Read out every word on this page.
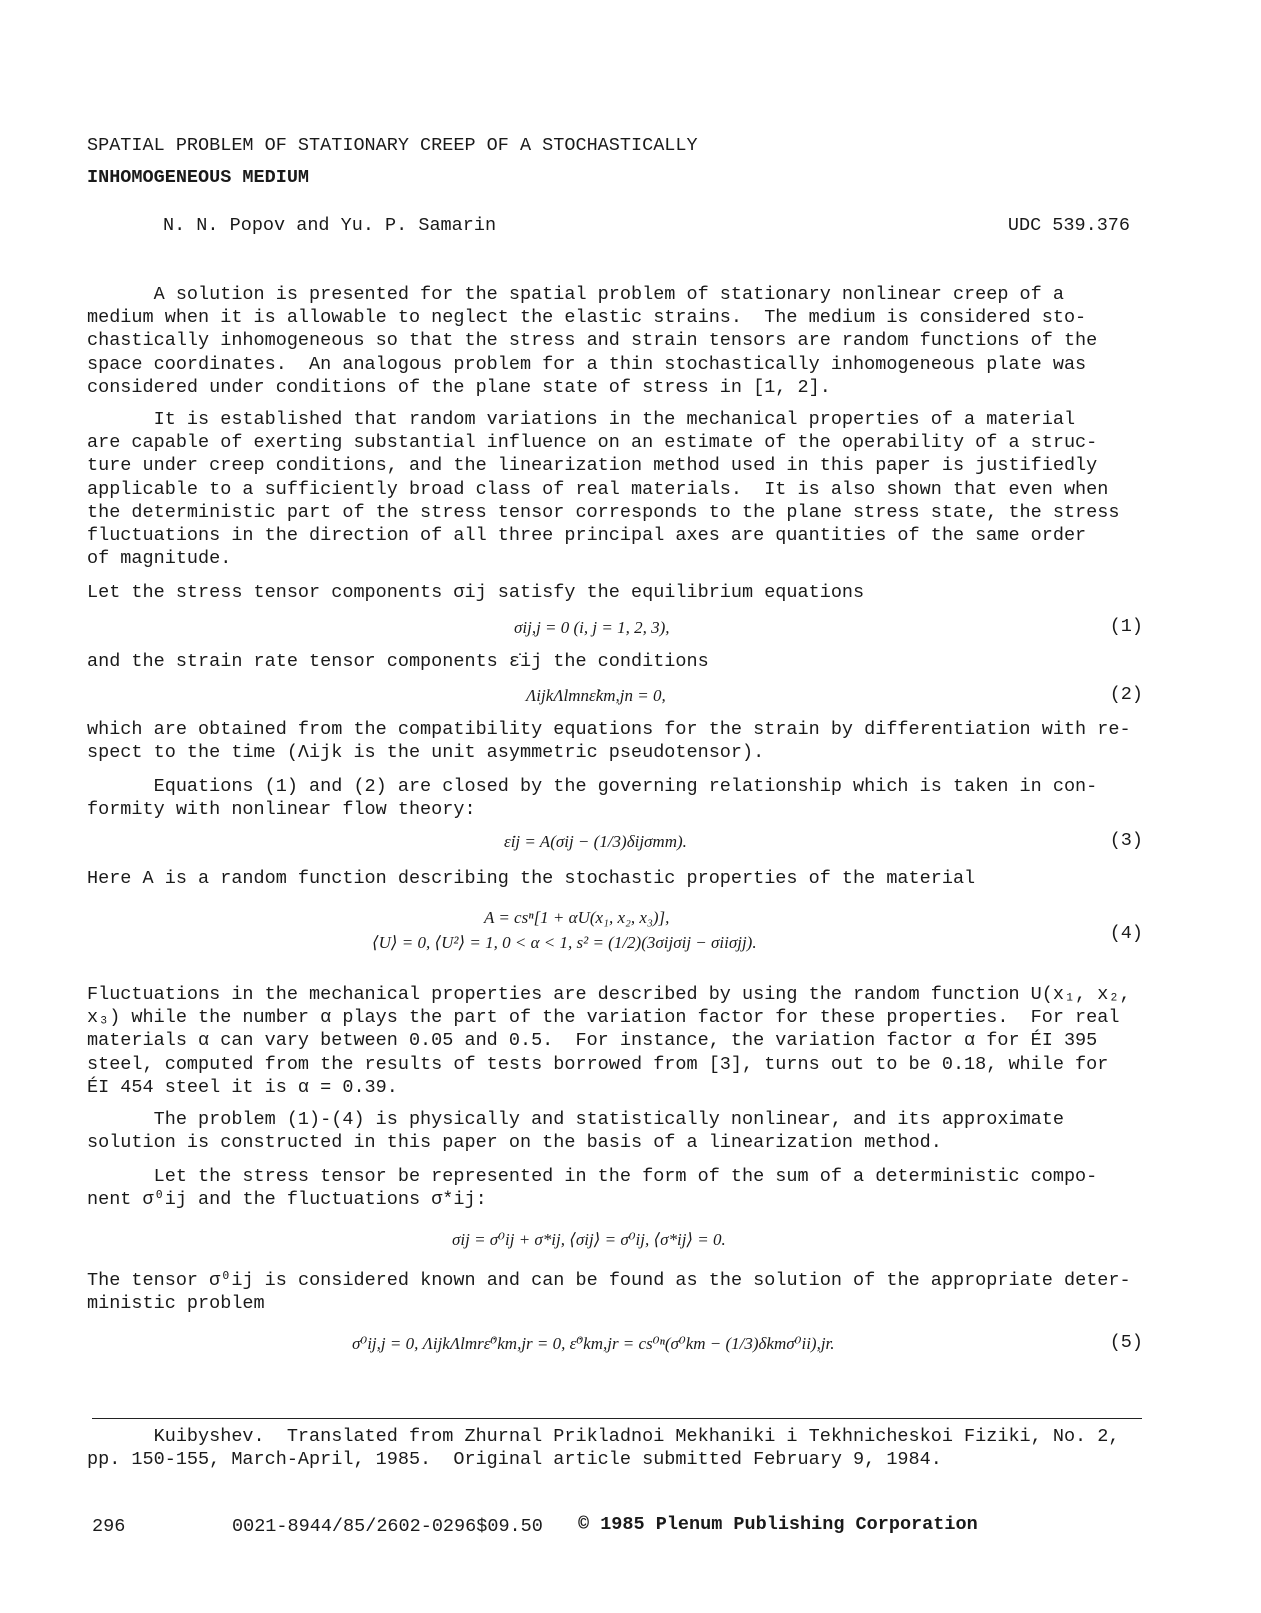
SPATIAL PROBLEM OF STATIONARY CREEP OF A STOCHASTICALLY
INHOMOGENEOUS MEDIUM
N. N. Popov and Yu. P. Samarin	UDC 539.376
A solution is presented for the spatial problem of stationary nonlinear creep of a
medium when it is allowable to neglect the elastic strains.  The medium is considered sto-
chastically inhomogeneous so that the stress and strain tensors are random functions of the
space coordinates.  An analogous problem for a thin stochastically inhomogeneous plate was
considered under conditions of the plane state of stress in [1, 2].
It is established that random variations in the mechanical properties of a material
are capable of exerting substantial influence on an estimate of the operability of a struc-
ture under creep conditions, and the linearization method used in this paper is justifiedly
applicable to a sufficiently broad class of real materials.  It is also shown that even when
the deterministic part of the stress tensor corresponds to the plane stress state, the stress
fluctuations in the direction of all three principal axes are quantities of the same order
of magnitude.
Let the stress tensor components σij satisfy the equilibrium equations
σij,j = 0 (i, j = 1, 2, 3),	(1)
and the strain rate tensor components ε̇ij the conditions
ΛijkΛlmnε̇km,jn = 0,	(2)
which are obtained from the compatibility equations for the strain by differentiation with re-
spect to the time (Λijk is the unit asymmetric pseudotensor).
Equations (1) and (2) are closed by the governing relationship which is taken in con-
formity with nonlinear flow theory:
ε̇ij = A(σij − (1/3)δijσmm).	(3)
Here A is a random function describing the stochastic properties of the material
A = csⁿ[1 + αU(x₁, x₂, x₃)],
⟨U⟩ = 0, ⟨U²⟩ = 1, 0 < α < 1, s² = (1/2)(3σijσij − σiiσjj).	(4)
Fluctuations in the mechanical properties are described by using the random function U(x₁, x₂,
x₃) while the number α plays the part of the variation factor for these properties.  For real
materials α can vary between 0.05 and 0.5.  For instance, the variation factor α for ÉI 395
steel, computed from the results of tests borrowed from [3], turns out to be 0.18, while for
ÉI 454 steel it is α = 0.39.
The problem (1)-(4) is physically and statistically nonlinear, and its approximate
solution is constructed in this paper on the basis of a linearization method.
Let the stress tensor be represented in the form of the sum of a deterministic compo-
nent σ⁰ij and the fluctuations σ*ij:
σij = σ⁰ij + σ*ij, ⟨σij⟩ = σ⁰ij, ⟨σ*ij⟩ = 0.
The tensor σ⁰ij is considered known and can be found as the solution of the appropriate deter-
ministic problem
σ⁰ij,j = 0, ΛijkΛlmrε̇⁰km,jr = 0, ε̇⁰km,jr = cs⁰ⁿ(σ⁰km − (1/3)δkmσ⁰ii),jr.	(5)
Kuibyshev.  Translated from Zhurnal Prikladnoi Mekhaniki i Tekhnicheskoi Fiziki, No. 2,
pp. 150-155, March-April, 1985.  Original article submitted February 9, 1984.
296	0021-8944/85/2602-0296$09.50 © 1985 Plenum Publishing Corporation
